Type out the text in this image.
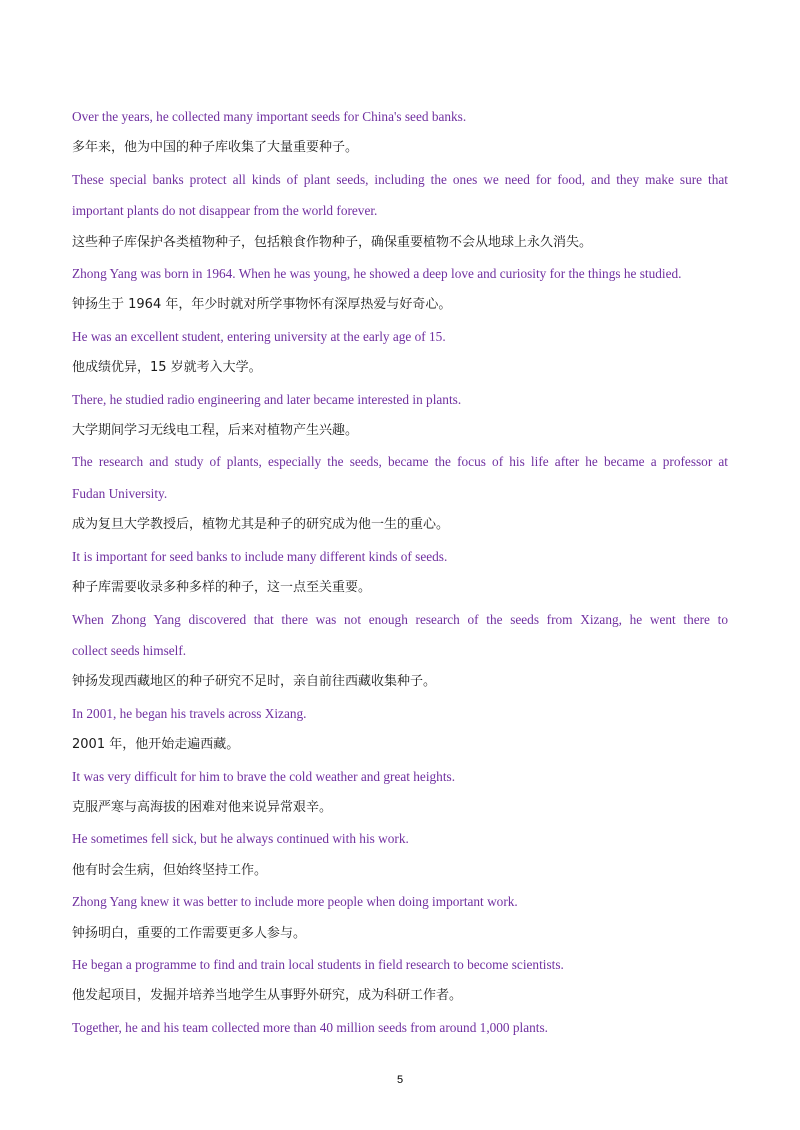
Over the years, he collected many important seeds for China's seed banks.

多年来，他为中国的种子库收集了大量重要种子。

These special banks protect all kinds of plant seeds, including the ones we need for food, and they make sure that

important plants do not disappear from the world forever.

这些种子库保护各类植物种子，包括粮食作物种子，确保重要植物不会从地球上永久消失。

Zhong Yang was born in 1964. When he was young, he showed a deep love and curiosity for the things he studied.

钟扬生于 1964 年，年少时就对所学事物怀有深厚热爱与好奇心。

He was an excellent student, entering university at the early age of 15.

他成绩优异，15 岁就考入大学。

There, he studied radio engineering and later became interested in plants.

大学期间学习无线电工程，后来对植物产生兴趣。

The research and study of plants, especially the seeds, became the focus of his life after he became a professor at

Fudan University.

成为复旦大学教授后，植物尤其是种子的研究成为他一生的重心。

It is important for seed banks to include many different kinds of seeds.

种子库需要收录多种多样的种子，这一点至关重要。

When Zhong Yang discovered that there was not enough research of the seeds from Xizang, he went there to

collect seeds himself.

钟扬发现西藏地区的种子研究不足时，亲自前往西藏收集种子。

In 2001, he began his travels across Xizang.

2001 年，他开始走遍西藏。

It was very difficult for him to brave the cold weather and great heights.

克服严寒与高海拔的困难对他来说异常艰辛。

He sometimes fell sick, but he always continued with his work.

他有时会生病，但始终坚持工作。

Zhong Yang knew it was better to include more people when doing important work.

钟扬明白，重要的工作需要更多人参与。

He began a programme to find and train local students in field research to become scientists.

他发起项目，发掘并培养当地学生从事野外研究，成为科研工作者。

Together, he and his team collected more than 40 million seeds from around 1,000 plants.

5
